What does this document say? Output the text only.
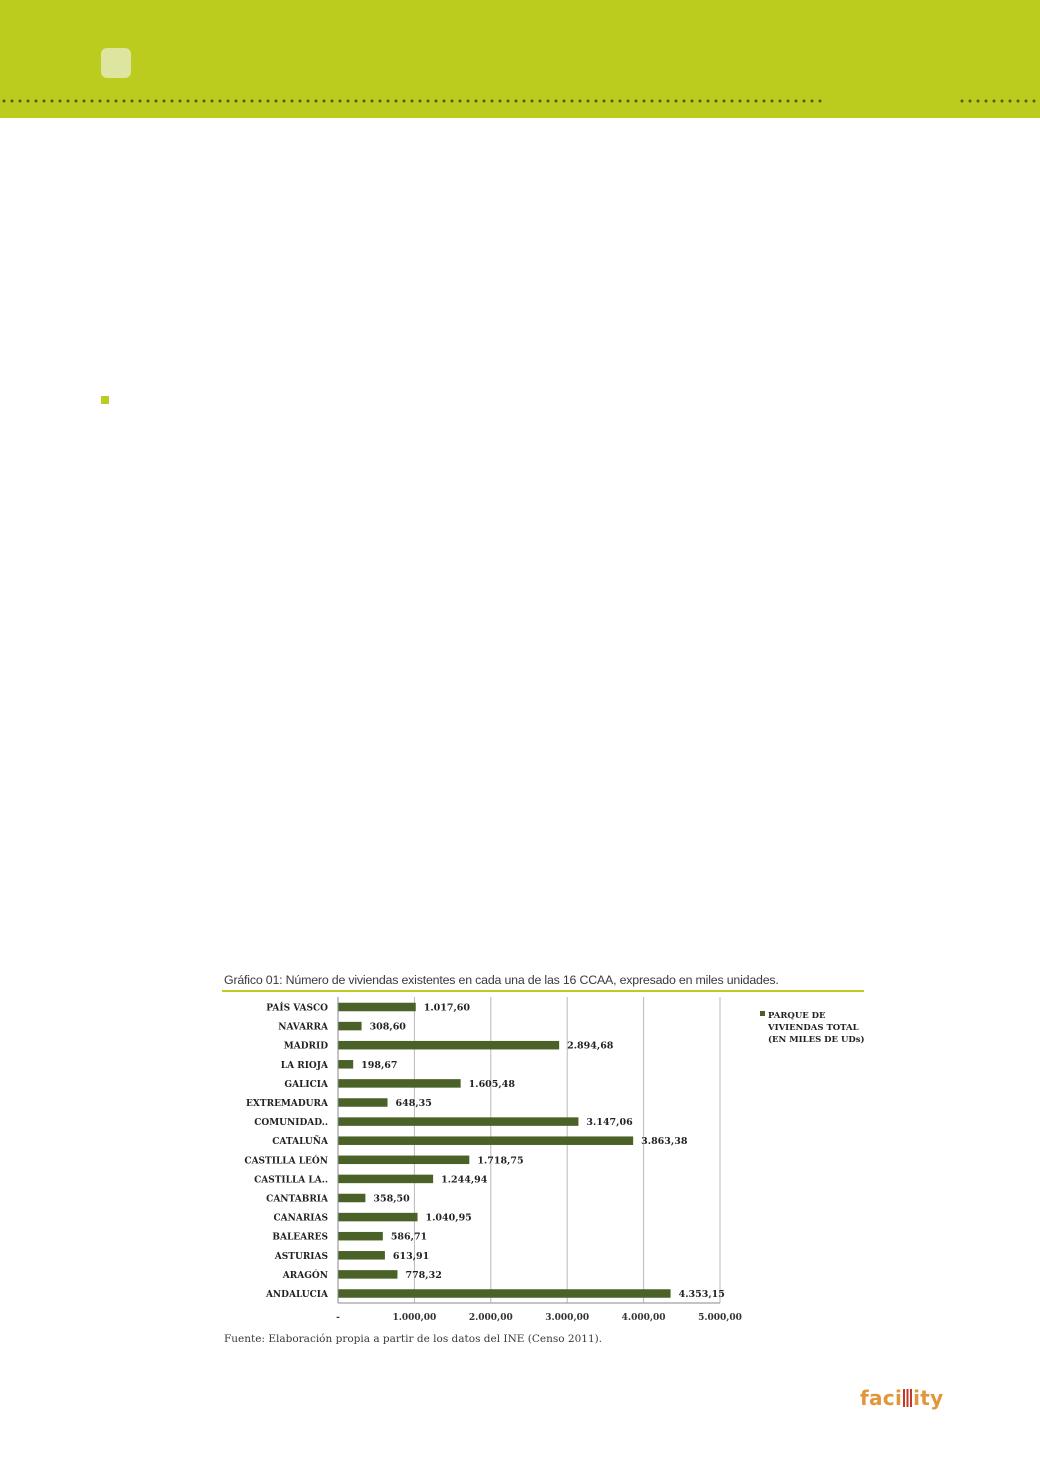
Gráfico 01: Número de viviendas existentes en cada una de las 16 CCAA, expresado en miles unidades.
-	1.000,00	2.000,00	3.000,00	4.000,00	5.000,00
PAÍS VASCO	1.017,60
NAVARRA	308,60
MADRID	2.894,68
LA RIOJA	198,67
GALICIA	1.605,48
EXTREMADURA	648,35
COMUNIDAD..	3.147,06
CATALUÑA	3.863,38
CASTILLA LEÓN	1.718,75
CASTILLA LA..	1.244,94
CANTABRIA	358,50
CANARIAS	1.040,95
BALEARES	586,71
ASTURIAS	613,91
ARAGÓN	778,32
ANDALUCIA	4.353,15
PARQUE DE
VIVIENDAS TOTAL
(EN MILES DE UDs)
Fuente: Elaboración propia a partir de los datos del INE (Censo 2011).
faci ity
